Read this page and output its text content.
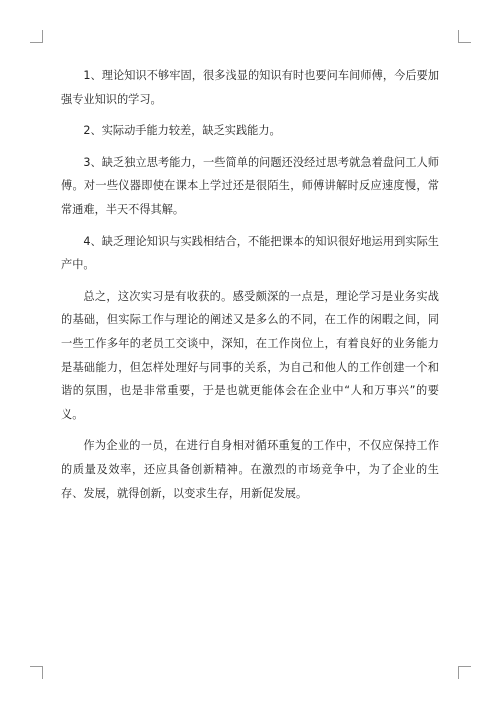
1、理论知识不够牢固，很多浅显的知识有时也要问车间师傅，今后要加强专业知识的学习。

2、实际动手能力较差，缺乏实践能力。

3、缺乏独立思考能力，一些简单的问题还没经过思考就急着盘问工人师傅。对一些仪器即使在课本上学过还是很陌生，师傅讲解时反应速度慢，常常通难，半天不得其解。

4、缺乏理论知识与实践相结合，不能把课本的知识很好地运用到实际生产中。

总之，这次实习是有收获的。感受颇深的一点是，理论学习是业务实战的基础，但实际工作与理论的阐述又是多么的不同，在工作的闲暇之间，同一些工作多年的老员工交谈中，深知，在工作岗位上，有着良好的业务能力是基础能力，但怎样处理好与同事的关系，为自己和他人的工作创建一个和谐的氛围，也是非常重要，于是也就更能体会在企业中“人和万事兴”的要义。

作为企业的一员，在进行自身相对循环重复的工作中，不仅应保持工作的质量及效率，还应具备创新精神。在激烈的市场竞争中，为了企业的生存、发展，就得创新，以变求生存，用新促发展。
